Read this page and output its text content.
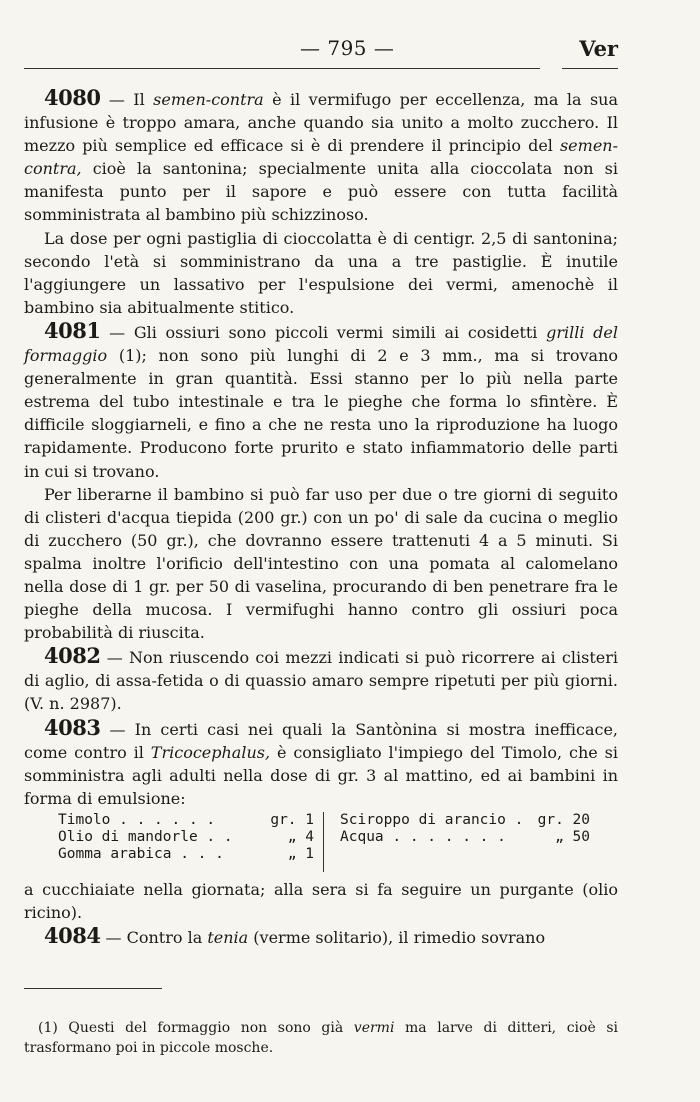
— 795 —	Ver

4080 — Il semen-contra è il vermifugo per eccellenza, ma la sua infusione è troppo amara, anche quando sia unito a molto zucchero. Il mezzo più semplice ed efficace si è di prendere il principio del semen-contra, cioè la santonina; specialmente unita alla cioccolata non si manifesta punto per il sapore e può essere con tutta facilità somministrata al bambino più schizzinoso.

La dose per ogni pastiglia di cioccolatta è di centigr. 2,5 di santonina; secondo l'età si somministrano da una a tre pastiglie. È inutile l'aggiungere un lassativo per l'espulsione dei vermi, amenochè il bambino sia abitualmente stitico.

4081 — Gli ossiuri sono piccoli vermi simili ai cosidetti grilli del formaggio (1); non sono più lunghi di 2 e 3 mm., ma si trovano generalmente in gran quantità. Essi stanno per lo più nella parte estrema del tubo intestinale e tra le pieghe che forma lo sfintère. È difficile sloggiarneli, e fino a che ne resta uno la riproduzione ha luogo rapidamente. Producono forte prurito e stato infiammatorio delle parti in cui si trovano.

Per liberarne il bambino si può far uso per due o tre giorni di seguito di clisteri d'acqua tiepida (200 gr.) con un po' di sale da cucina o meglio di zucchero (50 gr.), che dovranno essere trattenuti 4 a 5 minuti. Si spalma inoltre l'orificio dell'intestino con una pomata al calomelano nella dose di 1 gr. per 50 di vaselina, procurando di ben penetrare fra le pieghe della mucosa. I vermifughi hanno contro gli ossiuri poca probabilità di riuscita.

4082 — Non riuscendo coi mezzi indicati si può ricorrere ai clisteri di aglio, di assa-fetida o di quassio amaro sempre ripetuti per più giorni. (V. n. 2987).

4083 — In certi casi nei quali la Santònina si mostra inefficace, come contro il Tricocephalus, è consigliato l'impiego del Timolo, che si somministra agli adulti nella dose di gr. 3 al mattino, ed ai bambini in forma di emulsione:

Timolo . . . . . .	gr. 1
Olio di mandorle . .	„ 4
Gomma arabica . . .	„ 1
Sciroppo di arancio . gr. 20
Acqua . . . . . . .	„ 50

a cucchiaiate nella giornata; alla sera si fa seguire un purgante (olio ricino).

4084 — Contro la tenia (verme solitario), il rimedio sovrano

(1) Questi del formaggio non sono già vermi ma larve di ditteri, cioè si trasformano poi in piccole mosche.
